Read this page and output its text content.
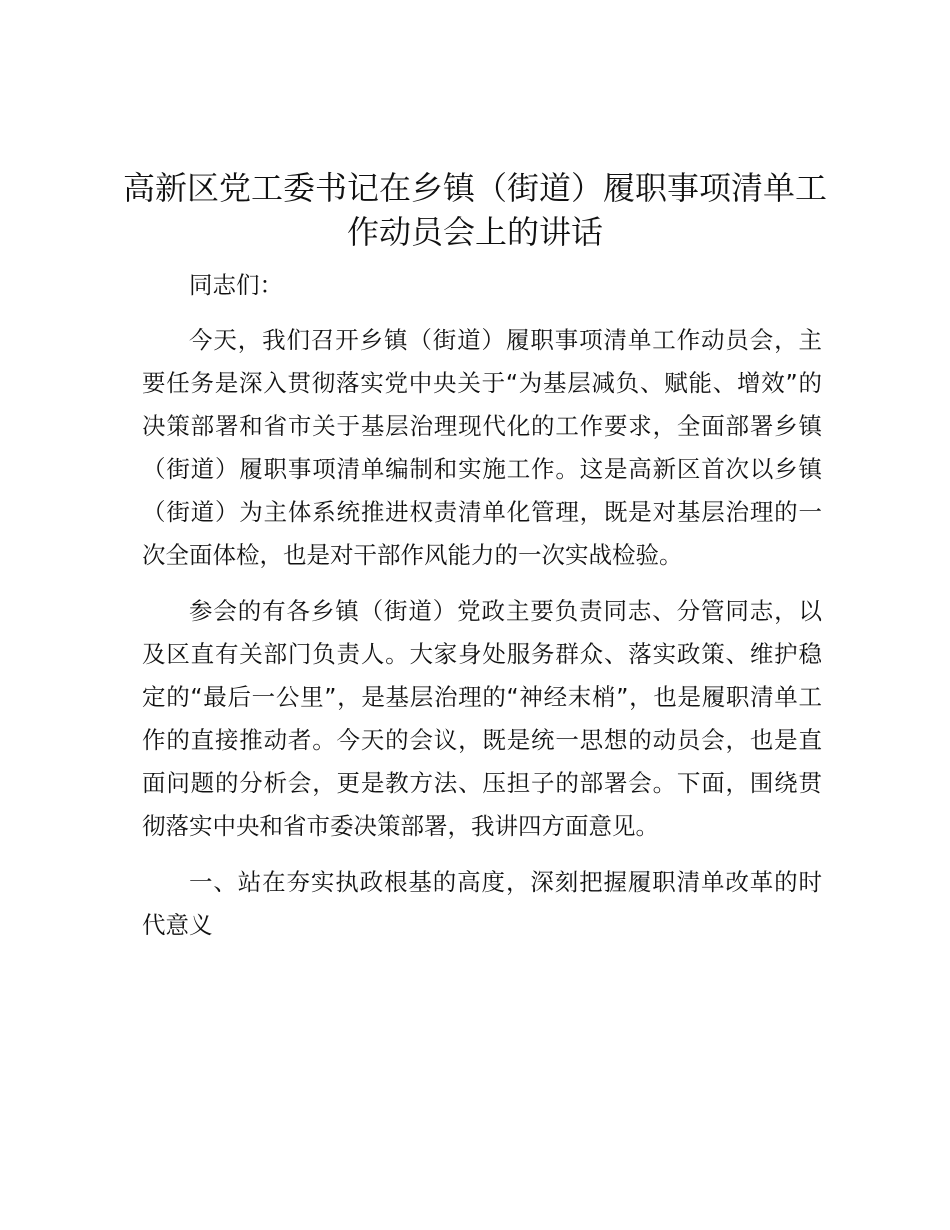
高新区党工委书记在乡镇（街道）履职事项清单工作动员会上的讲话

同志们：

今天，我们召开乡镇（街道）履职事项清单工作动员会，主要任务是深入贯彻落实党中央关于“为基层减负、赋能、增效”的决策部署和省市关于基层治理现代化的工作要求，全面部署乡镇（街道）履职事项清单编制和实施工作。这是高新区首次以乡镇（街道）为主体系统推进权责清单化管理，既是对基层治理的一次全面体检，也是对干部作风能力的一次实战检验。

参会的有各乡镇（街道）党政主要负责同志、分管同志，以及区直有关部门负责人。大家身处服务群众、落实政策、维护稳定的“最后一公里”，是基层治理的“神经末梢”，也是履职清单工作的直接推动者。今天的会议，既是统一思想的动员会，也是直面问题的分析会，更是教方法、压担子的部署会。下面，围绕贯彻落实中央和省市委决策部署，我讲四方面意见。

一、站在夯实执政根基的高度，深刻把握履职清单改革的时代意义
